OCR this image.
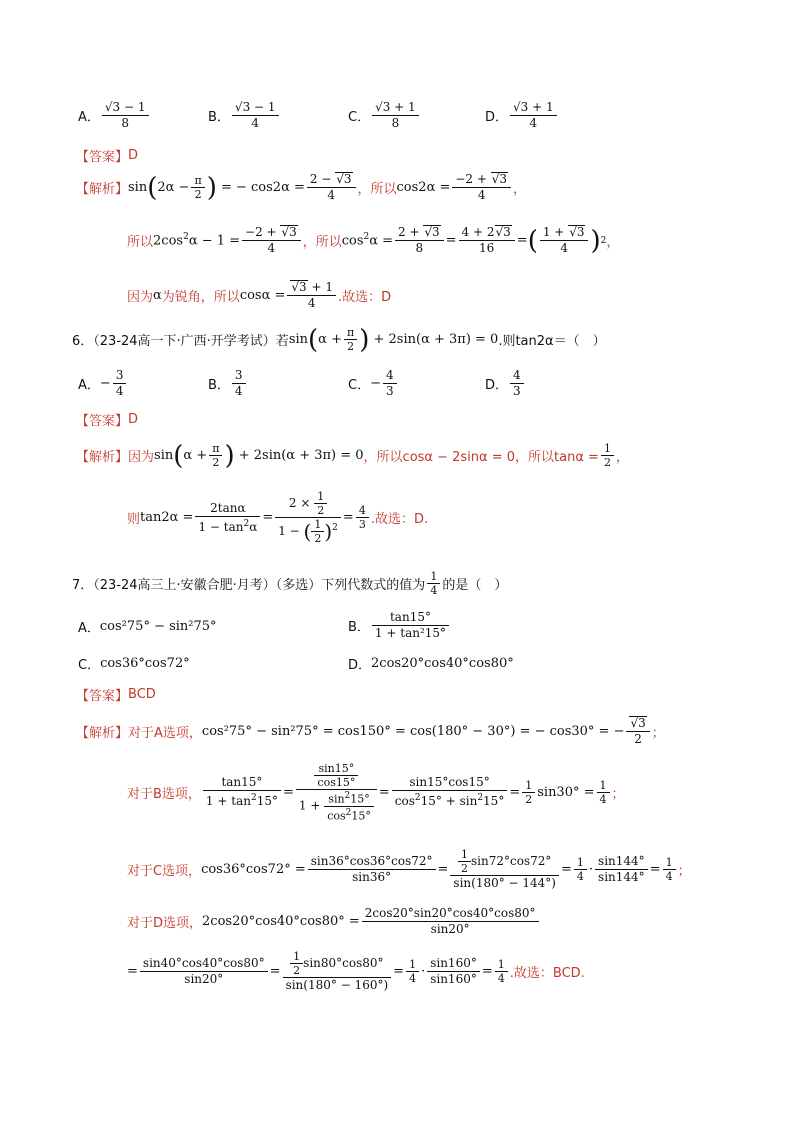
A． $\frac{√3 - 1}{8}$	B． $\frac{√3 - 1}{4}$	C． $\frac{√3 + 1}{8}$	D． $\frac{√3 + 1}{4}$
【答案】 D
【解析】 sin ( $2\alpha - \frac{\pi}{2}$ ) = − $\cos 2\alpha = \frac{2 - √3}{4}$ ，所以 $\cos 2\alpha = \frac{-2 + √3}{4}$ ，
所以 $2\cos^2\alpha - 1 = \frac{-2 + √3}{4}$ ，所以 $\cos^2\alpha = \frac{2 + √3}{8} = \frac{4 + 2√3}{16}$ = ( $\frac{1 + √3}{4}$ ) 2 ，
因为 α 为锐角，所以 $\cos\alpha = \frac{√3 + 1}{4}$ .故选：D
6．（23-24高一下·广西·开学考试）若 sin ( $\alpha + \frac{\pi}{2}$ ) + 2sin(α + 3π) = 0 .则tan2α＝（　）
A． − $\frac{3}{4}$	B． $\frac{3}{4}$	C． − $\frac{4}{3}$	D． $\frac{4}{3}$
【答案】 D
【解析】 因为 sin ( $\alpha + \frac{\pi}{2}$ ) + 2sin(α + 3π) = 0 ，所以cosα − 2sinα = 0，所以$\tan\alpha = \frac{1}{2}$ ，
则 $\tan 2\alpha = \frac{2\tan\alpha}{1 - \tan^2\alpha} = \frac{2 \times \frac{1}{2}}{1 - ( \frac{1}{2} )^2} = \frac{4}{3}$ .故选：D.
7．（23-24高三上·安徽合肥·月考）（多选）下列代数式的值为 $\frac{1}{4}$ 的是（　）
A． cos²75° − sin²75°	B． $\frac{\tan 15^\circ}{\text{1 + tan²15°}}$
C． cos36°cos72°	D． 2cos20°cos40°cos80°
【答案】 BCD
【解析】 对于A选项， cos²75° − sin²75° = cos150° = cos(180° − 30°) = − cos30° = − $\frac{√3}{2}$ ；
对于B选项， $\frac{\tan 15^\circ}{1 + \tan^215^\circ} = \frac{\frac{\sin 15^\circ}{\cos 15^\circ}}{1 + \frac{\sin^215^\circ}{\cos^215^\circ}} = \frac{\sin 15^\circ\cos 15^\circ}{\cos^215^\circ + \sin^215^\circ} = \frac{1}{2} \sin 30^\circ = \frac{1}{4}$ ；
对于C选项， $\cos 36^\circ\cos 72^\circ = \frac{\sin 36^\circ\cos 36^\circ\cos 72^\circ}{\sin 36^\circ} = \frac{\frac{1}{2} \sin 72^\circ\cos 72^\circ}{\sin(180^\circ - 144^\circ)} = \frac{1}{4} \cdot \frac{\sin 144^\circ}{\sin 144^\circ} = \frac{1}{4}$ ；
对于D选项， $2\cos 20^\circ\cos 40^\circ\cos 80^\circ = \frac{2\cos 20^\circ\sin 20^\circ\cos 40^\circ\cos 80^\circ}{\sin 20^\circ}$
= $\frac{\sin 40^\circ\cos 40^\circ\cos 80^\circ}{\sin 20^\circ} = \frac{\frac{1}{2} \sin 80^\circ\cos 80^\circ}{\sin(180^\circ - 160^\circ)} = \frac{1}{4} \cdot \frac{\sin 160^\circ}{\sin 160^\circ} = \frac{1}{4}$ .故选：BCD.
